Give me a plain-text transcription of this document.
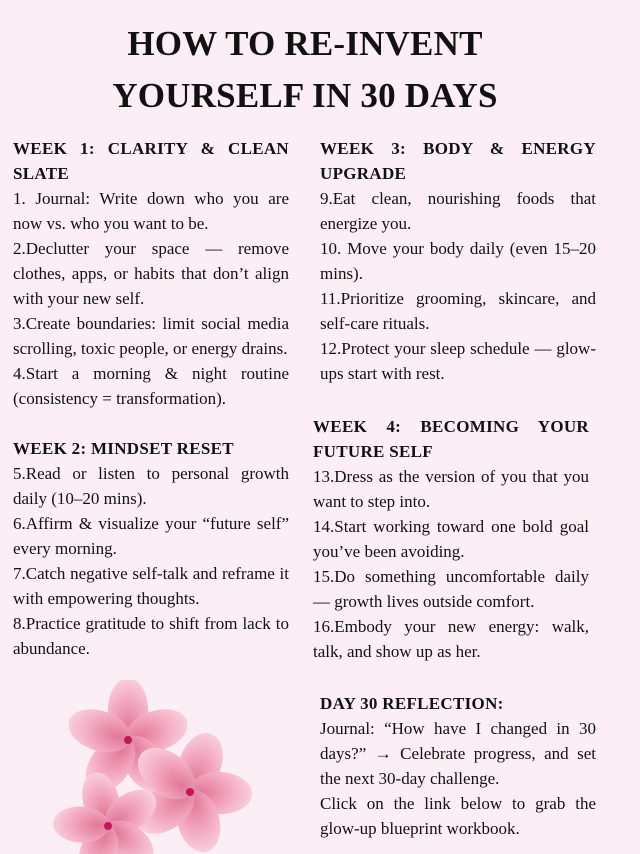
HOW TO RE-INVENT
YOURSELF IN 30 DAYS

WEEK 1: CLARITY & CLEAN SLATE

1. Journal: Write down who you are now vs. who you want to be.

2.Declutter your space — remove clothes, apps, or habits that don’t align with your new self.

3.Create boundaries: limit social media scrolling, toxic people, or energy drains.

4.Start a morning & night routine (consistency = transformation).

WEEK 2: MINDSET RESET

5.Read or listen to personal growth daily (10–20 mins).

6.Affirm & visualize your “future self” every morning.

7.Catch negative self-talk and reframe it with empowering thoughts.

8.Practice gratitude to shift from lack to abundance.

WEEK 3: BODY & ENERGY UPGRADE

9.Eat clean, nourishing foods that energize you.

10. Move your body daily (even 15–20 mins).

11.Prioritize grooming, skincare, and self-care rituals.

12.Protect your sleep schedule — glow-ups start with rest.

WEEK 4: BECOMING YOUR FUTURE SELF

13.Dress as the version of you that you want to step into.

14.Start working toward one bold goal you’ve been avoiding.

15.Do something uncomfortable daily — growth lives outside comfort.

16.Embody your new energy: walk, talk, and show up as her.

DAY 30 REFLECTION:

Journal: “How have I changed in 30 days?” → Celebrate progress, and set the next 30-day challenge.

Click on the link below to grab the glow-up blueprint workbook.
